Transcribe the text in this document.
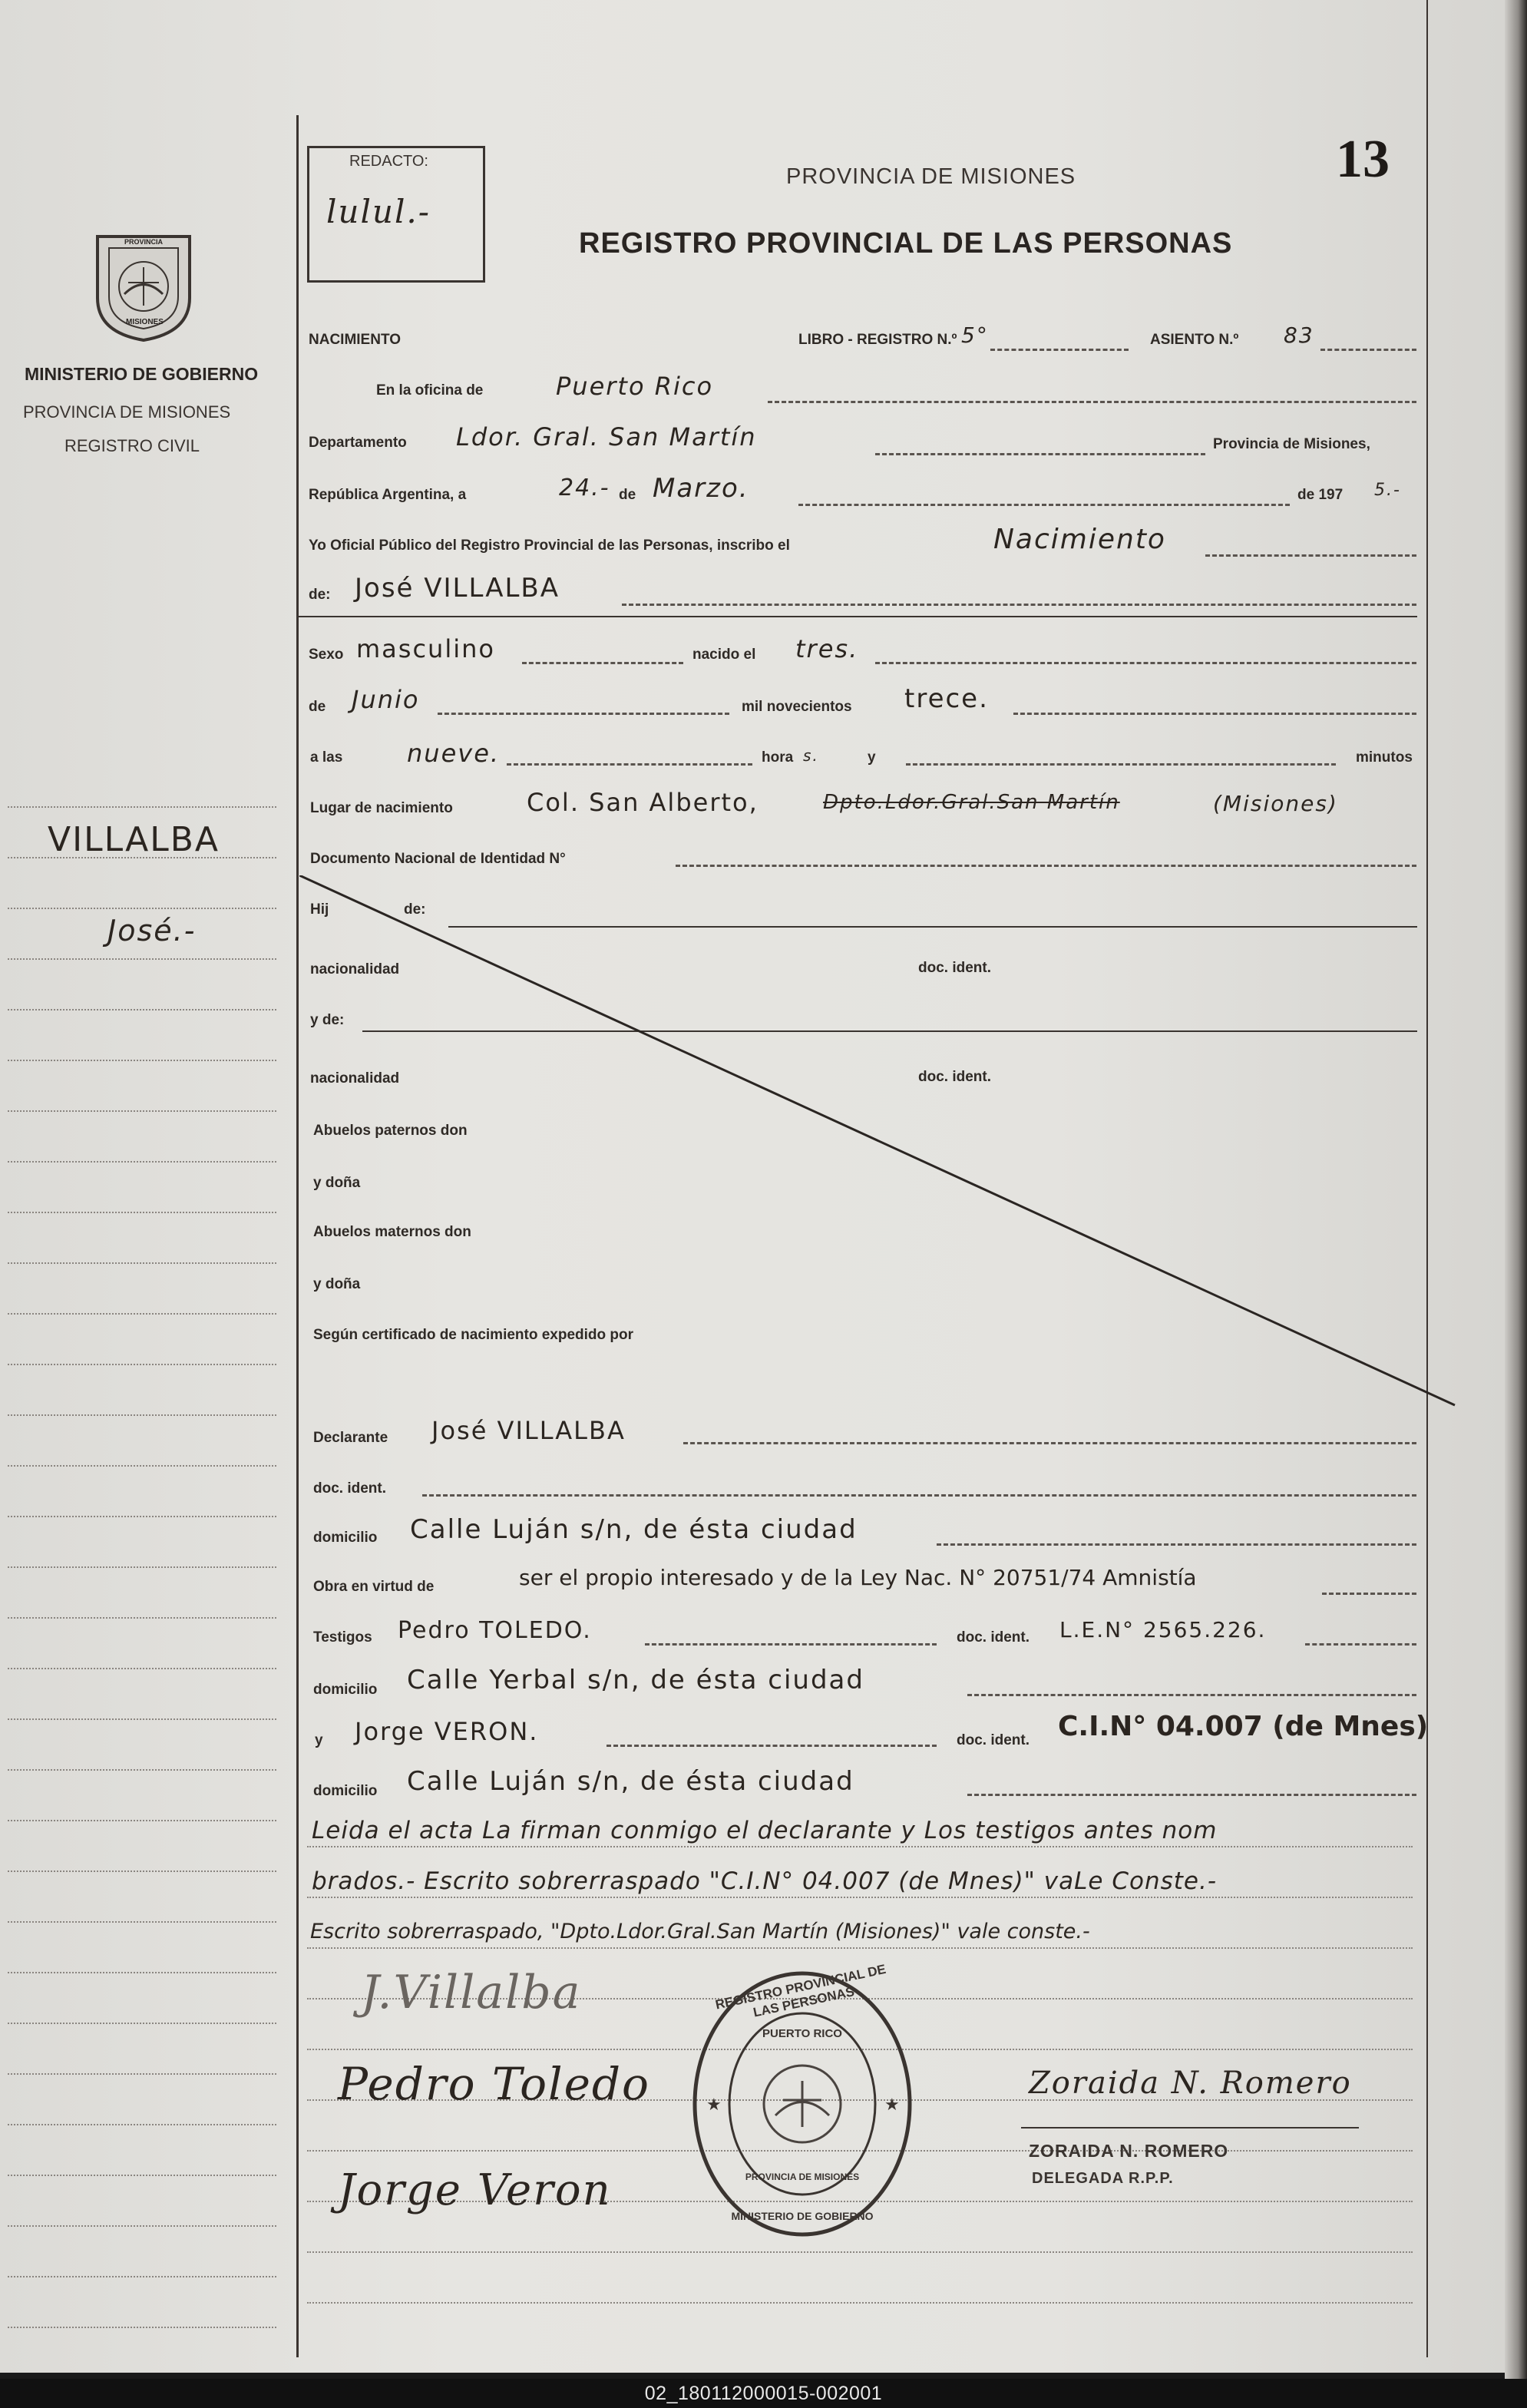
13
REDACTO:
lulul.-
PROVINCIA DE MISIONES
REGISTRO PROVINCIAL DE LAS PERSONAS
PROVINCIA
MISIONES
MINISTERIO DE GOBIERNO
PROVINCIA DE MISIONES
REGISTRO CIVIL
VILLALBA
José.-
NACIMIENTO	LIBRO - REGISTRO N.º 5°	ASIENTO N.º 83
En la oficina de	Puerto Rico
Departamento Ldor. Gral. San Martín	Provincia de Misiones,
República Argentina, a	24.- de Marzo.	de 197 5.-
Yo Oficial Público del Registro Provincial de las Personas, inscribo el	Nacimiento
de: José VILLALBA
Sexo masculino	nacido el tres.
de Junio	mil novecientos trece.
a las	nueve.	hora s.	y	minutos
Lugar de nacimiento	Col. San Alberto,	Dpto.Ldor.Gral.San Martín	(Misiones)
Documento Nacional de Identidad N°
Hij	de:
nacionalidad	doc. ident.
y de:
nacionalidad	doc. ident.
Abuelos paternos don
y doña
Abuelos maternos don
y doña
Según certificado de nacimiento expedido por
Declarante José VILLALBA
doc. ident.
domicilio Calle Luján s/n, de ésta ciudad
Obra en virtud de	ser el propio interesado y de la Ley Nac. N° 20751/74 Amnistía
Testigos Pedro TOLEDO.	doc. ident. L.E.N° 2565.226.
domicilio Calle Yerbal s/n, de ésta ciudad
y Jorge VERON.	doc. ident. C.I.N° 04.007 (de Mnes)
domicilio Calle Luján s/n, de ésta ciudad
Leida el acta La firman conmigo el declarante y Los testigos antes nom
brados.- Escrito sobrerraspado "C.I.N° 04.007 (de Mnes)" vaLe Conste.-
Escrito sobrerraspado, "Dpto.Ldor.Gral.San Martín (Misiones)" vale conste.-
J.Villalba
Pedro Toledo
Jorge Veron
★	★
REGISTRO PROVINCIAL DE LAS PERSONAS
PUERTO RICO
PROVINCIA DE MISIONES
MINISTERIO DE GOBIERNO
Zoraida N. Romero
ZORAIDA N. ROMERO
DELEGADA R.P.P.
02_180112000015-002001
